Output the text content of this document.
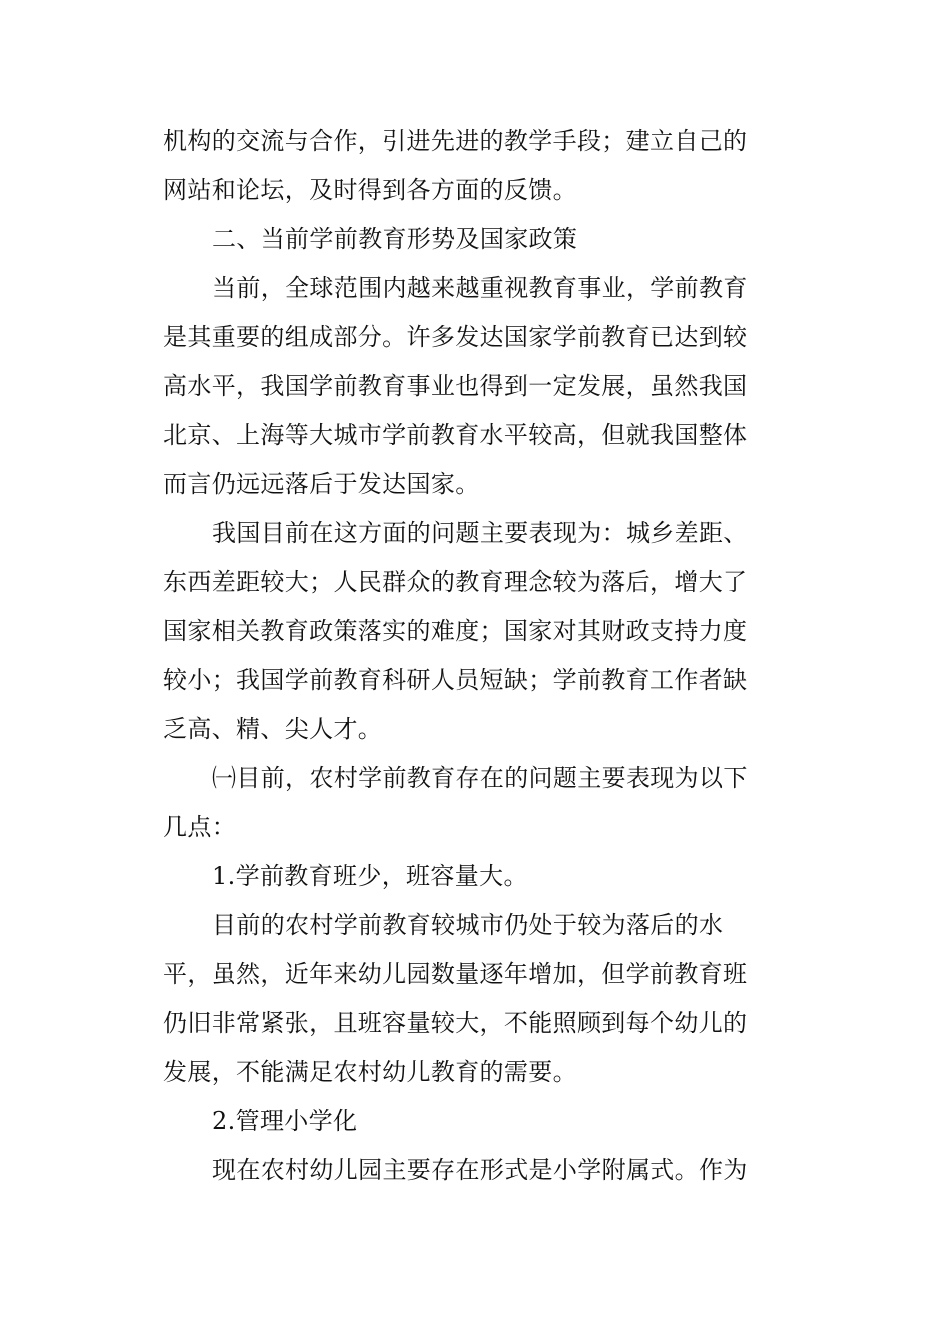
机构的交流与合作，引进先进的教学手段；建立自己的
网站和论坛，及时得到各方面的反馈。
二、当前学前教育形势及国家政策
当前，全球范围内越来越重视教育事业，学前教育
是其重要的组成部分。许多发达国家学前教育已达到较
高水平，我国学前教育事业也得到一定发展，虽然我国
北京、上海等大城市学前教育水平较高，但就我国整体
而言仍远远落后于发达国家。
我国目前在这方面的问题主要表现为：城乡差距、
东西差距较大；人民群众的教育理念较为落后，增大了
国家相关教育政策落实的难度；国家对其财政支持力度
较小；我国学前教育科研人员短缺；学前教育工作者缺
乏高、精、尖人才。
㈠目前，农村学前教育存在的问题主要表现为以下
几点：
1.学前教育班少，班容量大。
目前的农村学前教育较城市仍处于较为落后的水
平，虽然，近年来幼儿园数量逐年增加，但学前教育班
仍旧非常紧张，且班容量较大，不能照顾到每个幼儿的
发展，不能满足农村幼儿教育的需要。
2.管理小学化
现在农村幼儿园主要存在形式是小学附属式。作为
